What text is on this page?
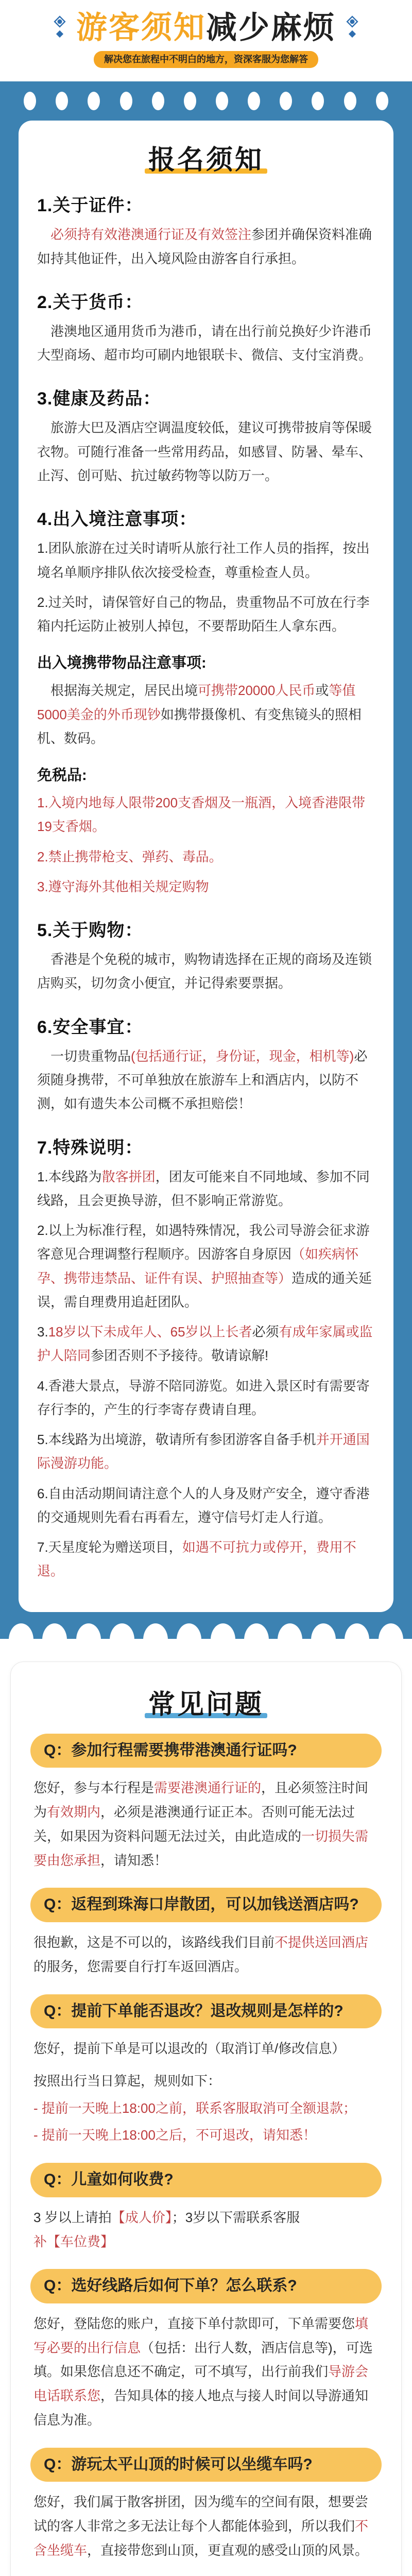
游客须知减少麻烦
解决您在旅程中不明白的地方，资深客服为您解答
报名须知
1.关于证件：
必须持有效港澳通行证及有效签注参团并确保资料准确如持其他证件，出入境风险由游客自行承担。
2.关于货币：
港澳地区通用货币为港币，请在出行前兑换好少许港币大型商场、超市均可刷内地银联卡、微信、支付宝消费。
3.健康及药品：
旅游大巴及酒店空调温度较低，建议可携带披肩等保暖衣物。可随行准备一些常用药品，如感冒、防暑、晕车、止泻、创可贴、抗过敏药物等以防万一。
4.出入境注意事项：
1.团队旅游在过关时请听从旅行社工作人员的指挥，按出境名单顺序排队依次接受检查，尊重检查人员。
2.过关时，请保管好自己的物品，贵重物品不可放在行李箱内托运防止被别人掉包，不要帮助陌生人拿东西。
出入境携带物品注意事项:
根据海关规定，居民出境可携带20000人民币或等值5000美金的外币现钞如携带摄像机、有变焦镜头的照相机、数码。
免税品:
1.入境内地每人限带200支香烟及一瓶酒，入境香港限带19支香烟。
2.禁止携带枪支、弹药、毒品。
3.遵守海外其他相关规定购物
5.关于购物：
香港是个免税的城市，购物请选择在正规的商场及连锁店购买，切勿贪小便宜，并记得索要票据。
6.安全事宜：
一切贵重物品(包括通行证，身份证，现金，相机等)必须随身携带，不可单独放在旅游车上和酒店内，以防不测，如有遗失本公司概不承担赔偿！
7.特殊说明：
1.本线路为散客拼团，团友可能来自不同地域、参加不同线路，且会更换导游，但不影响正常游览。
2.以上为标准行程，如遇特殊情况，我公司导游会征求游客意见合理调整行程顺序。因游客自身原因（如疾病怀孕、携带违禁品、证件有误、护照抽查等）造成的通关延误，需自理费用追赶团队。
3.18岁以下未成年人、65岁以上长者必须有成年家属或监护人陪同参团否则不予接待。敬请谅解!
4.香港大景点，导游不陪同游览。如进入景区时有需要寄存行李的，产生的行李寄存费请自理。
5.本线路为出境游，敬请所有参团游客自备手机并开通国际漫游功能。
6.自由活动期间请注意个人的人身及财产安全，遵守香港的交通规则先看右再看左，遵守信号灯走人行道。
7.天星度轮为赠送项目，如遇不可抗力或停开，费用不退。
常见问题
Q：参加行程需要携带港澳通行证吗?
您好，参与本行程是需要港澳通行证的，且必须签注时间为有效期内，必须是港澳通行证正本。否则可能无法过关，如果因为资料问题无法过关，由此造成的一切损失需要由您承担，请知悉！
Q：返程到珠海口岸散团，可以加钱送酒店吗?
很抱歉，这是不可以的，该路线我们目前不提供送回酒店的服务，您需要自行打车返回酒店。
Q：提前下单能否退改？退改规则是怎样的?
您好，提前下单是可以退改的（取消订单/修改信息）
按照出行当日算起，规则如下：
- 提前一天晚上18:00之前，联系客服取消可全额退款；
- 提前一天晚上18:00之后，不可退改，请知悉！
Q：儿童如何收费?
3 岁以上请拍【成人价】；3岁以下需联系客服补【车位费】
Q：选好线路后如何下单？怎么联系?
您好，登陆您的账户，直接下单付款即可，下单需要您填写必要的出行信息（包括：出行人数，酒店信息等)，可选填。如果您信息还不确定，可不填写，出行前我们导游会电话联系您，告知具体的接人地点与接人时间以导游通知信息为准。
Q：游玩太平山顶的时候可以坐缆车吗?
您好，我们属于散客拼团，因为缆车的空间有限，想要尝试的客人非常之多无法让每个人都能体验到，所以我们不含坐缆车，直接带您到山顶，更直观的感受山顶的风景。
